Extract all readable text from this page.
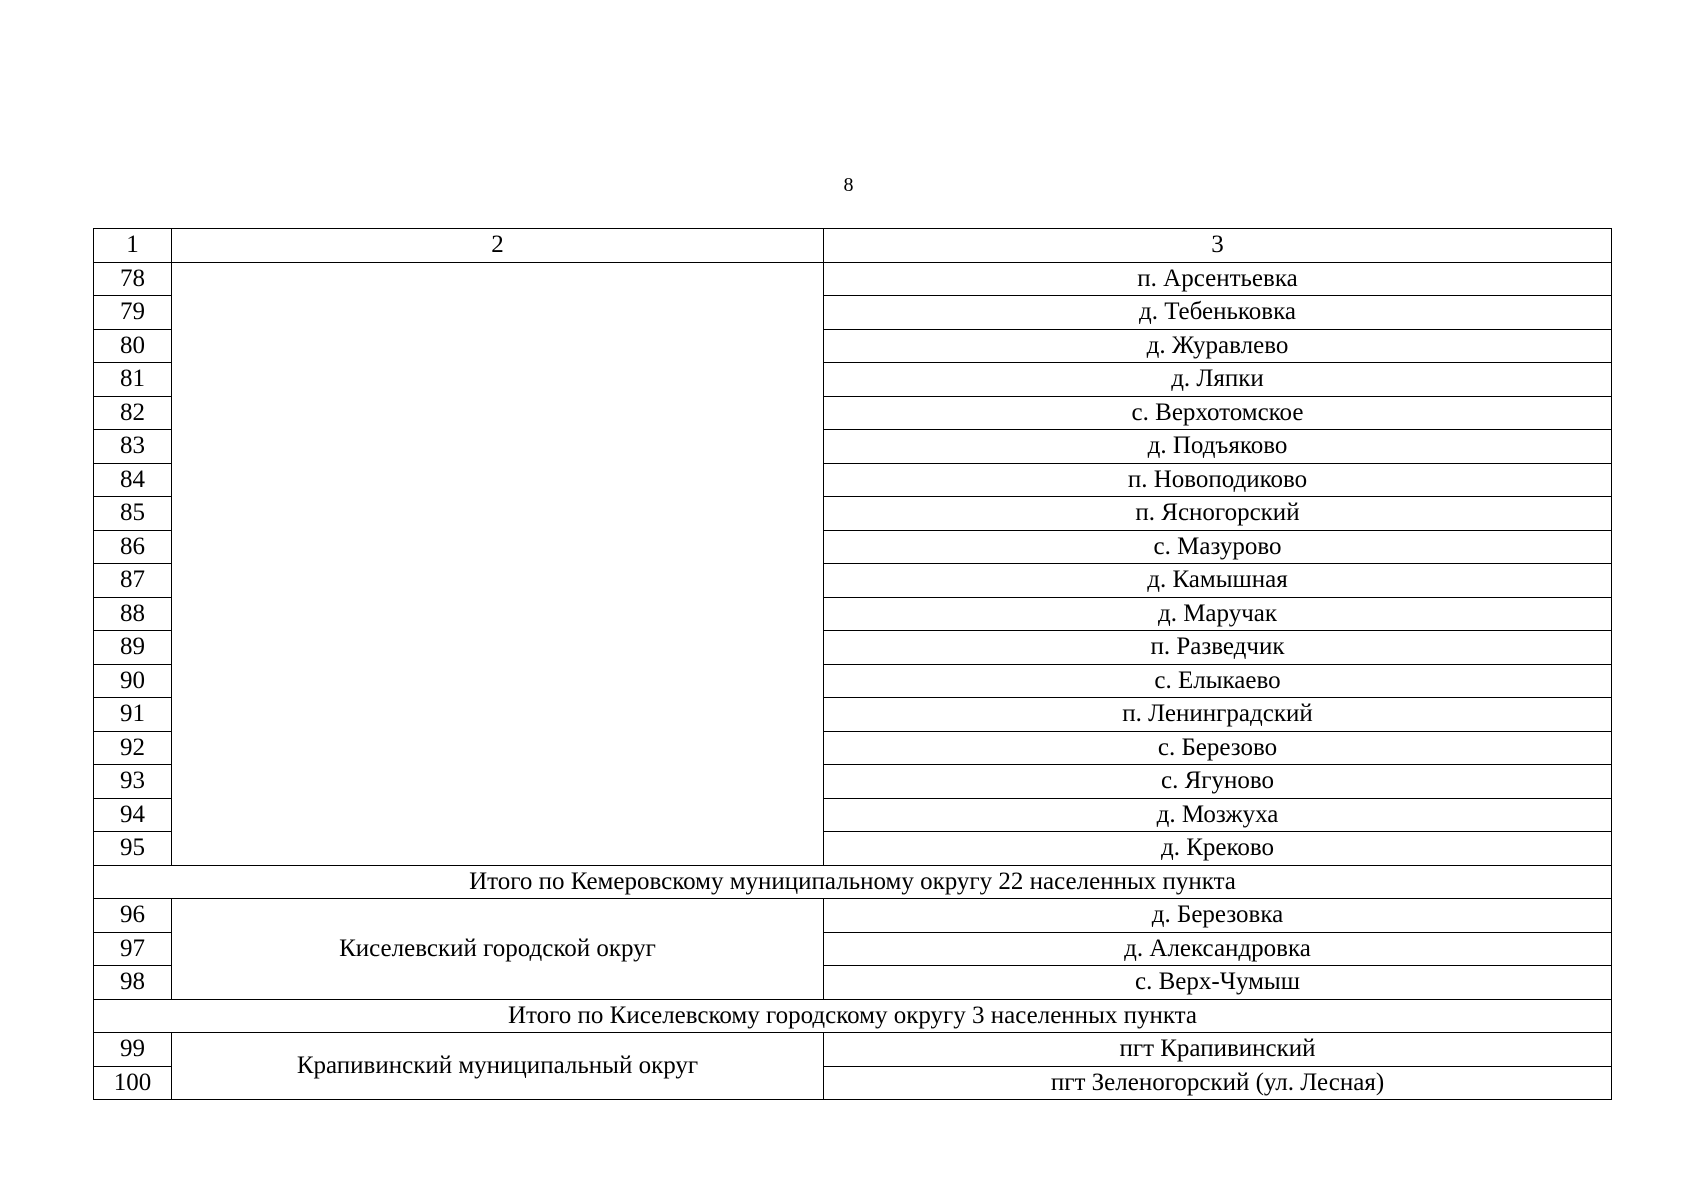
8
1	2	3
78		п. Арсентьевка
79		д. Тебеньковка
80		д. Журавлево
81		д. Ляпки
82		с. Верхотомское
83		д. Подъяково
84		п. Новоподиково
85		п. Ясногорский
86		с. Мазурово
87		д. Камышная
88		д. Маручак
89		п. Разведчик
90		с. Елыкаево
91		п. Ленинградский
92		с. Березово
93		с. Ягуново
94		д. Мозжуха
95		д. Креково
Итого по Кемеровскому муниципальному округу 22 населенных пункта		
96	Киселевский городской округ	д. Березовка
97		д. Александровка
98		с. Верх-Чумыш
Итого по Киселевскому городскому округу 3 населенных пункта		
99	Крапивинский муниципальный округ	пгт Крапивинский
100		пгт Зеленогорский (ул. Лесная)
